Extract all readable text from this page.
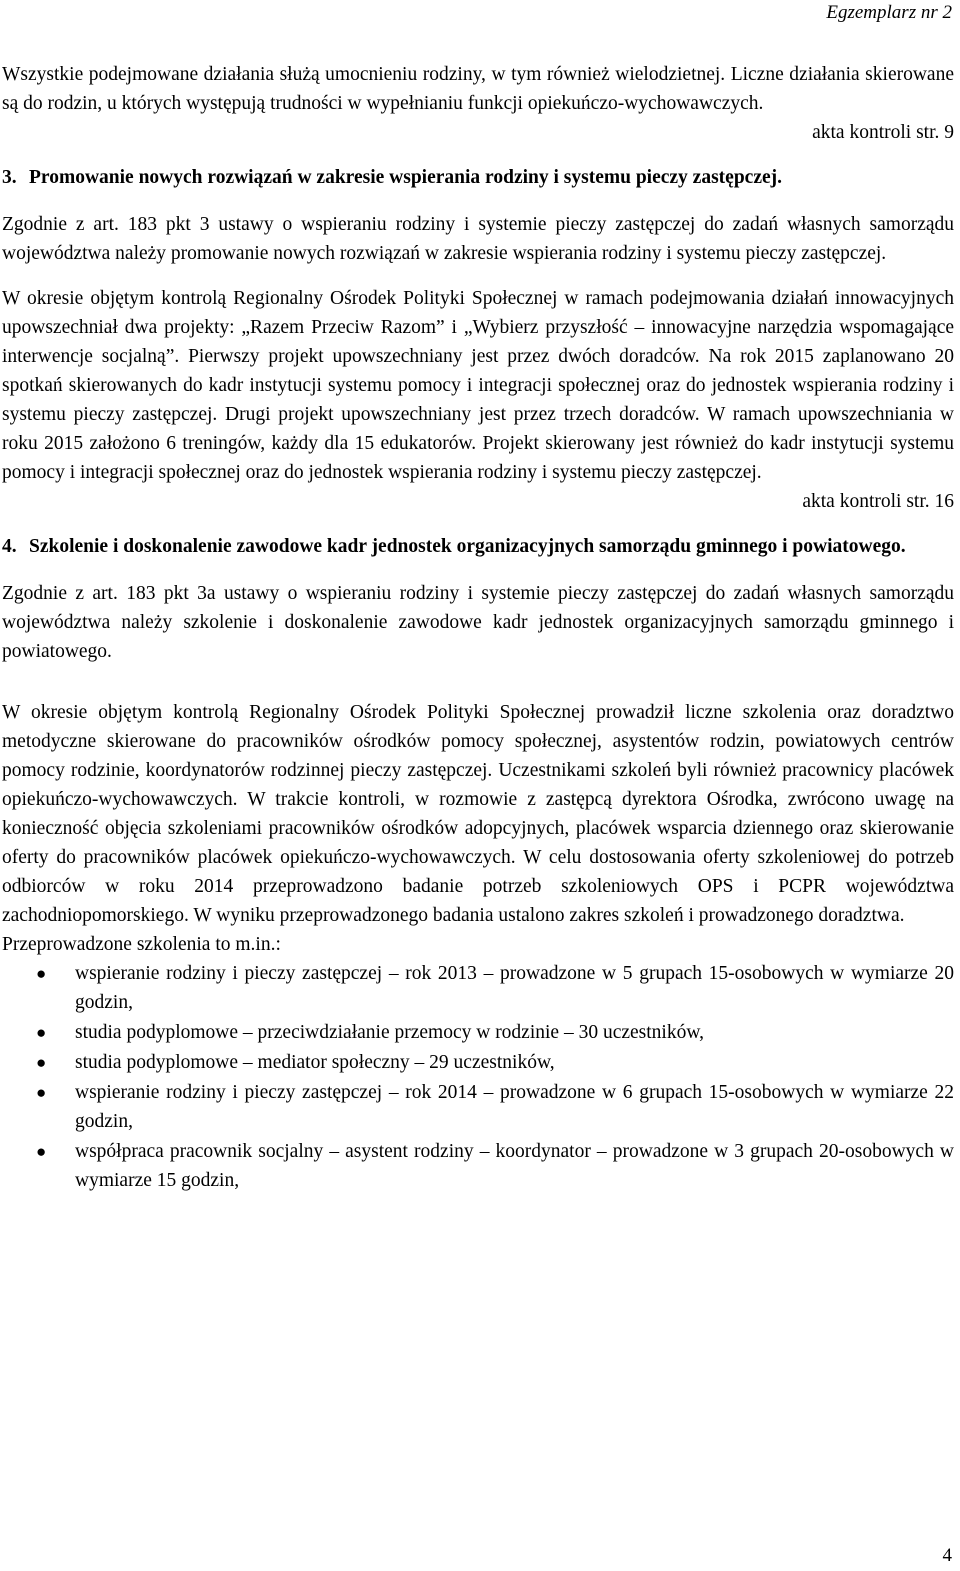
Egzemplarz nr 2

Wszystkie podejmowane działania służą umocnieniu rodziny, w tym również wielodzietnej. Liczne działania skierowane są do rodzin, u których występują trudności w wypełnianiu funkcji opiekuńczo-wychowawczych.

akta kontroli str. 9

3. Promowanie nowych rozwiązań w zakresie wspierania rodziny i systemu pieczy zastępczej.

Zgodnie z art. 183 pkt 3 ustawy o wspieraniu rodziny i systemie pieczy zastępczej do zadań własnych samorządu województwa należy promowanie nowych rozwiązań w zakresie wspierania rodziny i systemu pieczy zastępczej.

W okresie objętym kontrolą Regionalny Ośrodek Polityki Społecznej w ramach podejmowania działań innowacyjnych upowszechniał dwa projekty: „Razem Przeciw Razom” i „Wybierz przyszłość – innowacyjne narzędzia wspomagające interwencje socjalną”. Pierwszy projekt upowszechniany jest przez dwóch doradców. Na rok 2015 zaplanowano 20 spotkań skierowanych do kadr instytucji systemu pomocy i integracji społecznej oraz do jednostek wspierania rodziny i systemu pieczy zastępczej. Drugi projekt upowszechniany jest przez trzech doradców. W ramach upowszechniania w roku 2015 założono 6 treningów, każdy dla 15 edukatorów. Projekt skierowany jest również do kadr instytucji systemu pomocy i integracji społecznej oraz do jednostek wspierania rodziny i systemu pieczy zastępczej.

akta kontroli str. 16

4. Szkolenie i doskonalenie zawodowe kadr jednostek organizacyjnych samorządu gminnego i powiatowego.

Zgodnie z art. 183 pkt 3a ustawy o wspieraniu rodziny i systemie pieczy zastępczej do zadań własnych samorządu województwa należy szkolenie i doskonalenie zawodowe kadr jednostek organizacyjnych samorządu gminnego i powiatowego.

W okresie objętym kontrolą Regionalny Ośrodek Polityki Społecznej prowadził liczne szkolenia oraz doradztwo metodyczne skierowane do pracowników ośrodków pomocy społecznej, asystentów rodzin, powiatowych centrów pomocy rodzinie, koordynatorów rodzinnej pieczy zastępczej. Uczestnikami szkoleń byli również pracownicy placówek opiekuńczo-wychowawczych. W trakcie kontroli, w rozmowie z zastępcą dyrektora Ośrodka, zwrócono uwagę na konieczność objęcia szkoleniami pracowników ośrodków adopcyjnych, placówek wsparcia dziennego oraz skierowanie oferty do pracowników placówek opiekuńczo-wychowawczych. W celu dostosowania oferty szkoleniowej do potrzeb odbiorców w roku 2014 przeprowadzono badanie potrzeb szkoleniowych OPS i PCPR województwa zachodniopomorskiego. W wyniku przeprowadzonego badania ustalono zakres szkoleń i prowadzonego doradztwa.

Przeprowadzone szkolenia to m.in.:

●	wspieranie rodziny i pieczy zastępczej – rok 2013 – prowadzone w 5 grupach 15-osobowych w wymiarze 20 godzin,
●	studia podyplomowe – przeciwdziałanie przemocy w rodzinie – 30 uczestników,
●	studia podyplomowe – mediator społeczny – 29 uczestników,
●	wspieranie rodziny i pieczy zastępczej – rok 2014 – prowadzone w 6 grupach 15-osobowych w wymiarze 22 godzin,
●	współpraca pracownik socjalny – asystent rodziny – koordynator – prowadzone w 3 grupach 20-osobowych w wymiarze 15 godzin,
4
